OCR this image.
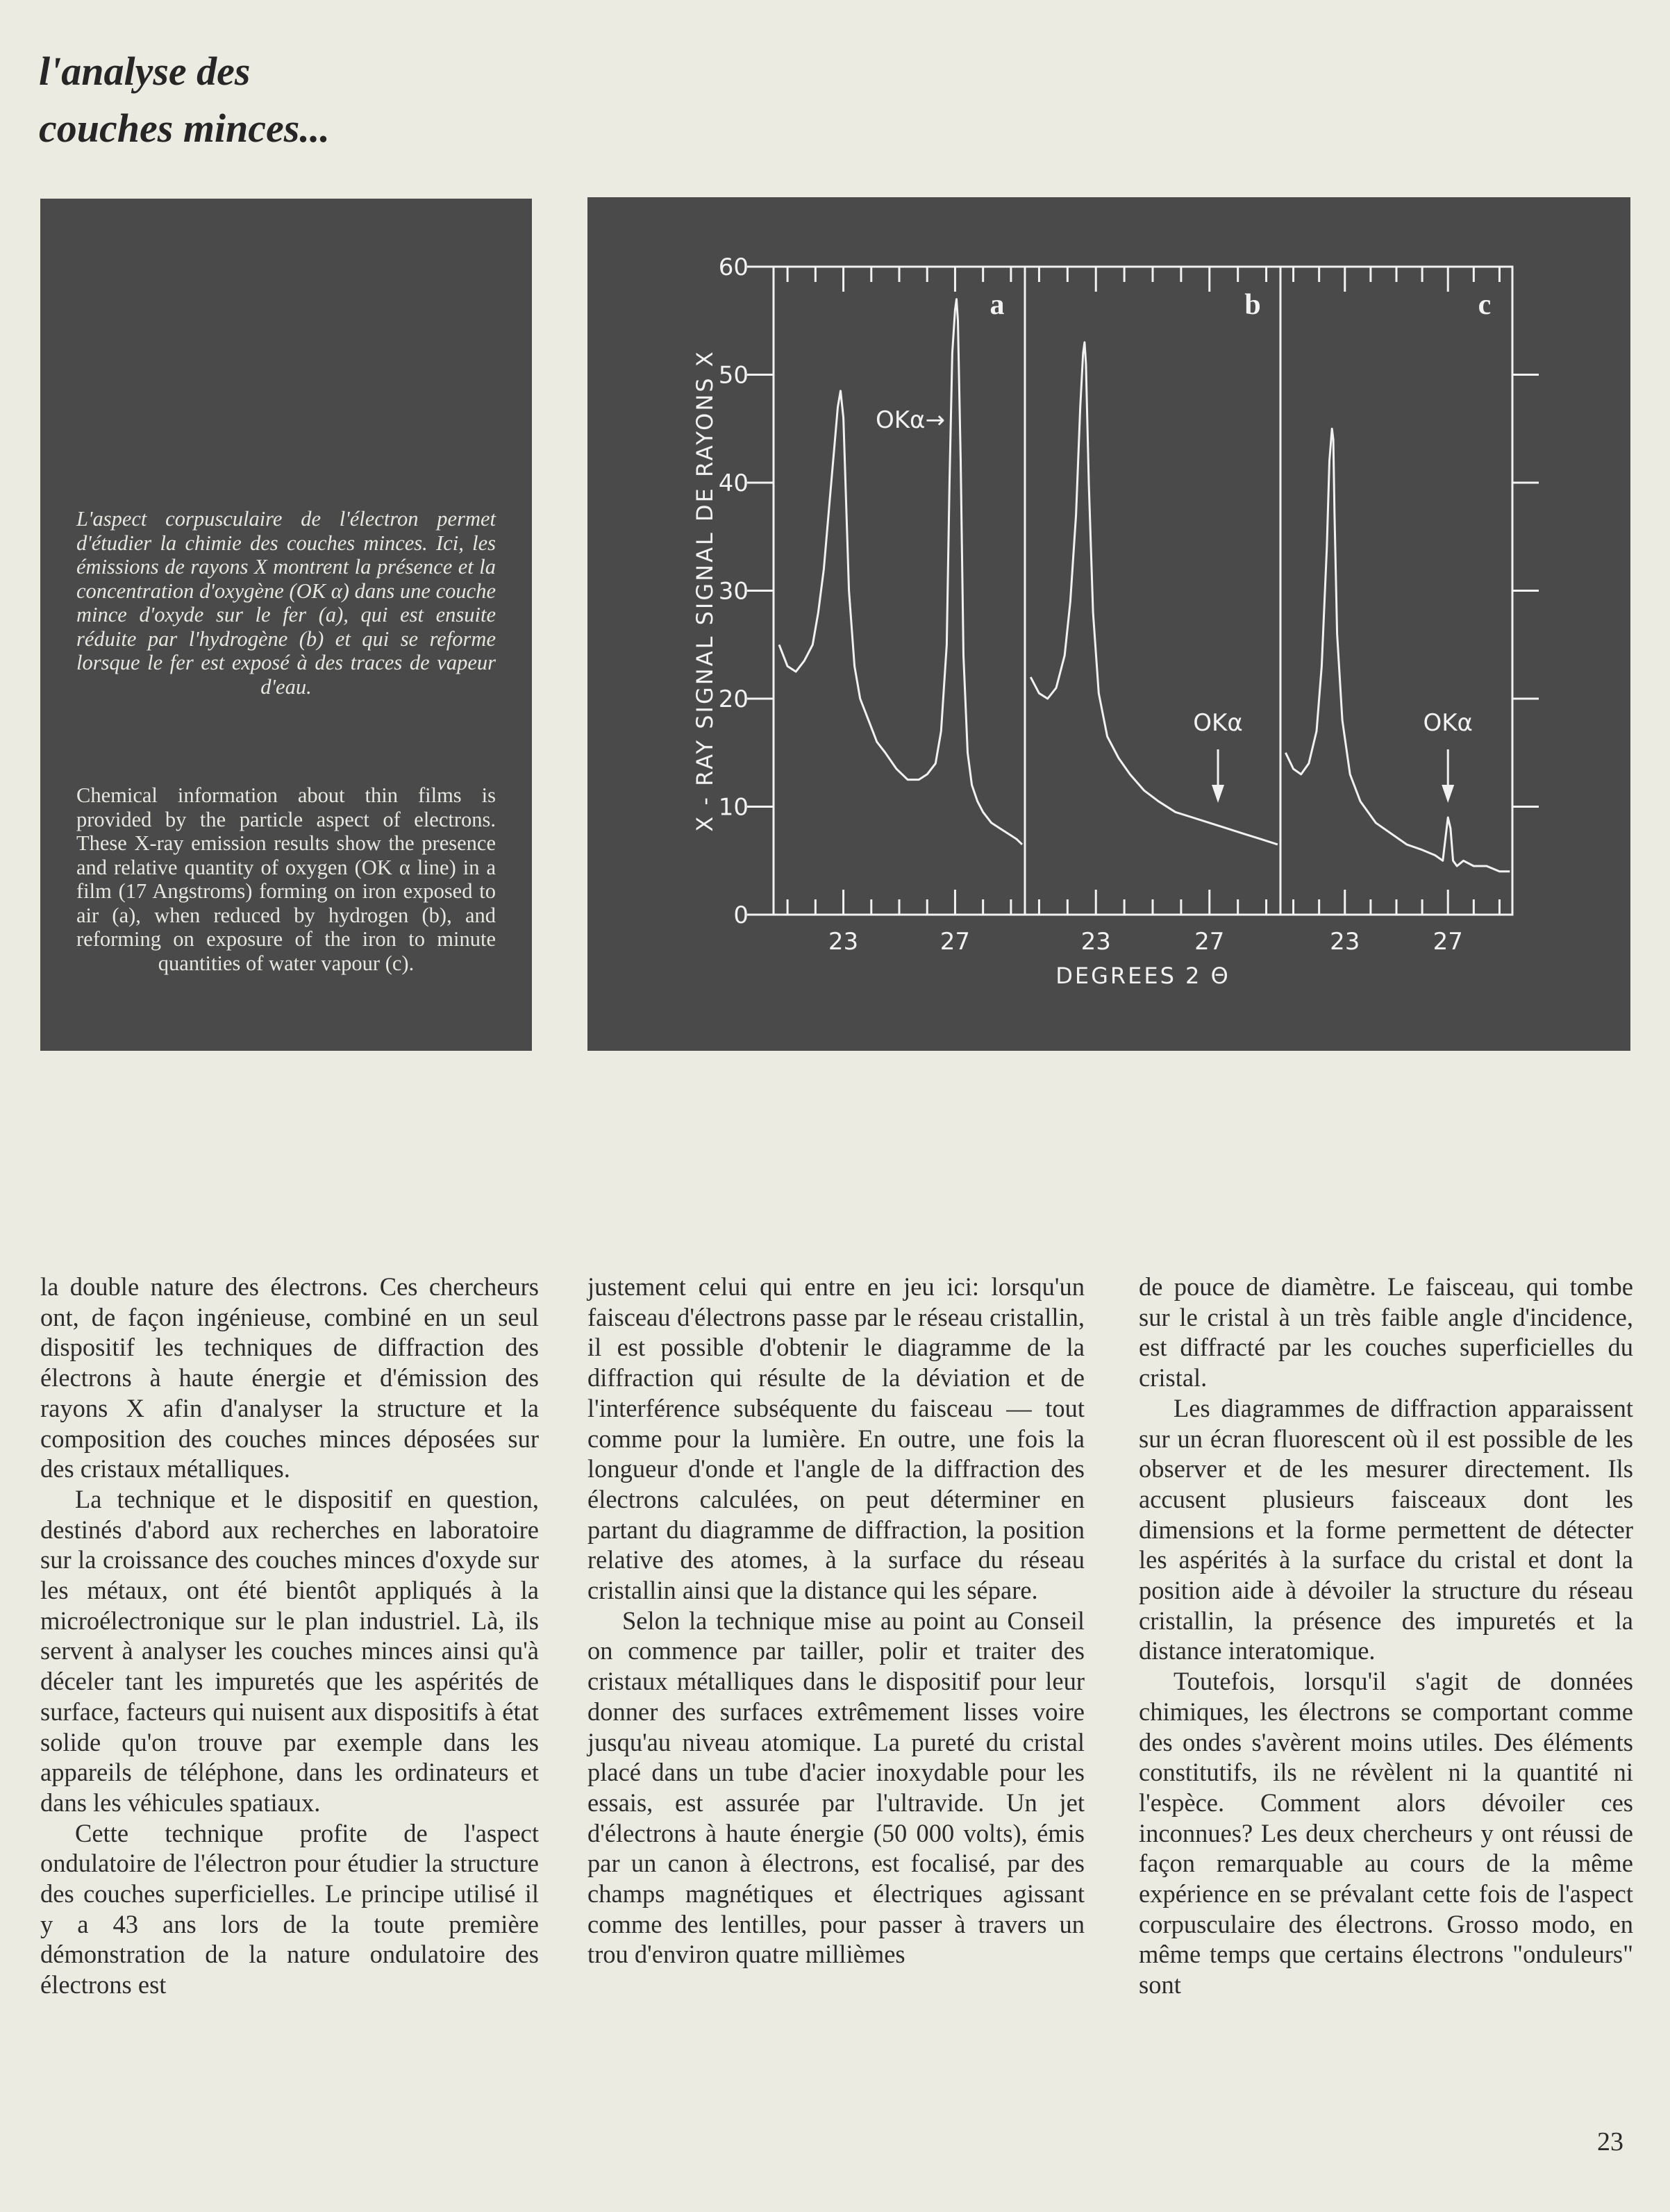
l'analyse des
couches minces...

L'aspect corpusculaire de l'électron permet d'étudier la chimie des couches minces. Ici, les émissions de rayons X montrent la présence et la concentration d'oxygène (OK α) dans une couche mince d'oxyde sur le fer (a), qui est ensuite réduite par l'hydrogène (b) et qui se reforme lorsque le fer est exposé à des traces de vapeur d'eau.

Chemical information about thin films is provided by the particle aspect of electrons. These X-ray emission results show the presence and relative quantity of oxygen (OK α line) in a film (17 Angstroms) forming on iron exposed to air (a), when reduced by hydrogen (b), and reforming on exposure of the iron to minute quantities of water vapour (c).

0
10
20
30
40
50
60
X - RAY SIGNAL SIGNAL DE RAYONS X
23	27
a
23	27
b
23	27
c
OKα→
OKα	OKα
DEGREES 2 Θ

la double nature des électrons. Ces chercheurs ont, de façon ingénieuse, combiné en un seul dispositif les techniques de diffraction des électrons à haute énergie et d'émission des rayons X afin d'analyser la structure et la composition des couches minces déposées sur des cristaux métalliques.

La technique et le dispositif en question, destinés d'abord aux recherches en laboratoire sur la croissance des couches minces d'oxyde sur les métaux, ont été bientôt appliqués à la microélectronique sur le plan industriel. Là, ils servent à analyser les couches minces ainsi qu'à déceler tant les impuretés que les aspérités de surface, facteurs qui nuisent aux dispositifs à état solide qu'on trouve par exemple dans les appareils de téléphone, dans les ordinateurs et dans les véhicules spatiaux.

Cette technique profite de l'aspect ondulatoire de l'électron pour étudier la structure des couches superficielles. Le principe utilisé il y a 43 ans lors de la toute première démonstration de la nature ondulatoire des électrons est

justement celui qui entre en jeu ici: lorsqu'un faisceau d'électrons passe par le réseau cristallin, il est possible d'obtenir le diagramme de la diffraction qui résulte de la déviation et de l'interférence subséquente du faisceau — tout comme pour la lumière. En outre, une fois la longueur d'onde et l'angle de la diffraction des électrons calculées, on peut déterminer en partant du diagramme de diffraction, la position relative des atomes, à la surface du réseau cristallin ainsi que la distance qui les sépare.

Selon la technique mise au point au Conseil on commence par tailler, polir et traiter des cristaux métalliques dans le dispositif pour leur donner des surfaces extrêmement lisses voire jusqu'au niveau atomique. La pureté du cristal placé dans un tube d'acier inoxydable pour les essais, est assurée par l'ultravide. Un jet d'électrons à haute énergie (50 000 volts), émis par un canon à électrons, est focalisé, par des champs magnétiques et électriques agissant comme des lentilles, pour passer à travers un trou d'environ quatre millièmes

de pouce de diamètre. Le faisceau, qui tombe sur le cristal à un très faible angle d'incidence, est diffracté par les couches superficielles du cristal.

Les diagrammes de diffraction apparaissent sur un écran fluorescent où il est possible de les observer et de les mesurer directement. Ils accusent plusieurs faisceaux dont les dimensions et la forme permettent de détecter les aspérités à la surface du cristal et dont la position aide à dévoiler la structure du réseau cristallin, la présence des impuretés et la distance interatomique.

Toutefois, lorsqu'il s'agit de données chimiques, les électrons se comportant comme des ondes s'avèrent moins utiles. Des éléments constitutifs, ils ne révèlent ni la quantité ni l'espèce. Comment alors dévoiler ces inconnues? Les deux chercheurs y ont réussi de façon remarquable au cours de la même expérience en se prévalant cette fois de l'aspect corpusculaire des électrons. Grosso modo, en même temps que certains électrons "onduleurs" sont

23
